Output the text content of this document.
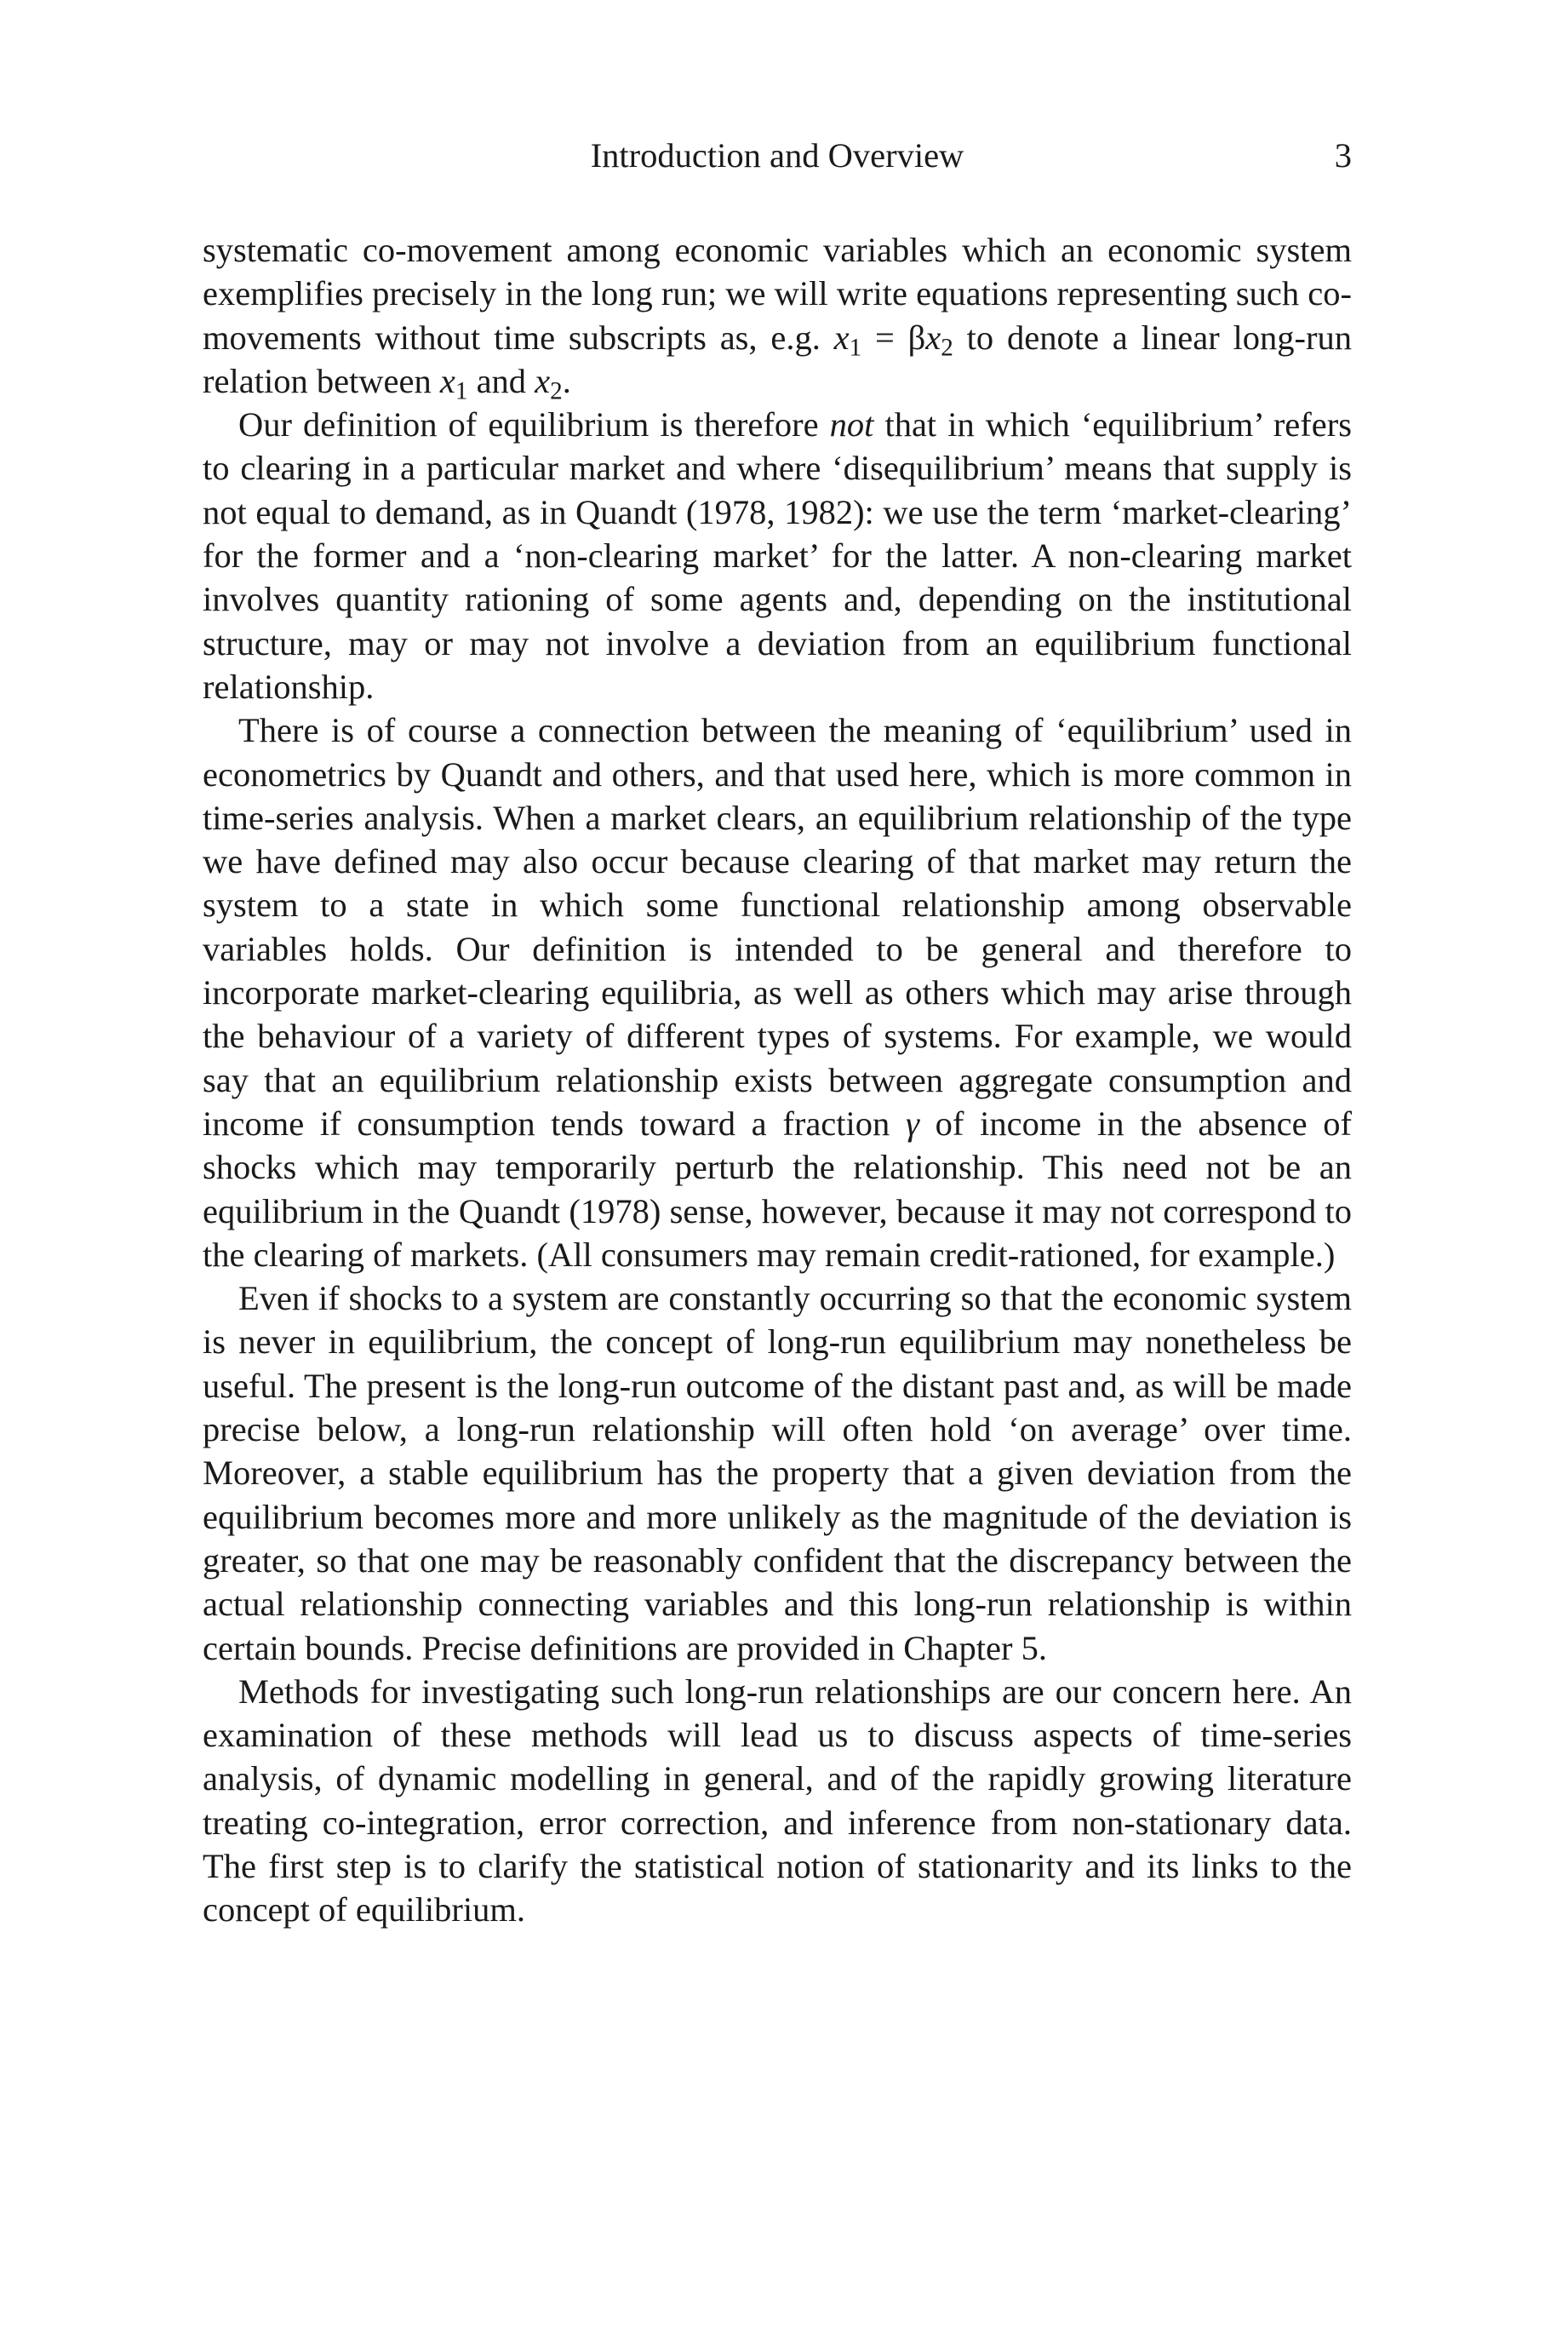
Introduction and Overview	3

systematic co-movement among economic variables which an economic system exemplifies precisely in the long run; we will write equations representing such co-movements without time subscripts as, e.g. $x_1 = \beta x_2$ to denote a linear long-run relation between $x_1$ and $x_2$.

Our definition of equilibrium is therefore not that in which ‘equilibrium’ refers to clearing in a particular market and where ‘disequilibrium’ means that supply is not equal to demand, as in Quandt (1978, 1982): we use the term ‘market-clearing’ for the former and a ‘non-clearing market’ for the latter. A non-clearing market involves quantity rationing of some agents and, depending on the institutional structure, may or may not involve a deviation from an equilibrium functional relationship.

There is of course a connection between the meaning of ‘equilibrium’ used in econometrics by Quandt and others, and that used here, which is more common in time-series analysis. When a market clears, an equilibrium relationship of the type we have defined may also occur because clearing of that market may return the system to a state in which some functional relationship among observable variables holds. Our definition is intended to be general and therefore to incorporate market-clearing equilibria, as well as others which may arise through the behaviour of a variety of different types of systems. For example, we would say that an equilibrium relationship exists between aggregate consumption and income if consumption tends toward a fraction γ of income in the absence of shocks which may temporarily perturb the relationship. This need not be an equilibrium in the Quandt (1978) sense, however, because it may not correspond to the clearing of markets. (All consumers may remain credit-rationed, for example.)

Even if shocks to a system are constantly occurring so that the economic system is never in equilibrium, the concept of long-run equilibrium may nonetheless be useful. The present is the long-run outcome of the distant past and, as will be made precise below, a long-run relationship will often hold ‘on average’ over time. Moreover, a stable equilibrium has the property that a given deviation from the equilibrium becomes more and more unlikely as the magnitude of the deviation is greater, so that one may be reasonably confident that the discrepancy between the actual relationship connecting variables and this long-run relationship is within certain bounds. Precise definitions are provided in Chapter 5.

Methods for investigating such long-run relationships are our concern here. An examination of these methods will lead us to discuss aspects of time-series analysis, of dynamic modelling in general, and of the rapidly growing literature treating co-integration, error correction, and inference from non-stationary data. The first step is to clarify the statistical notion of stationarity and its links to the concept of equilibrium.
